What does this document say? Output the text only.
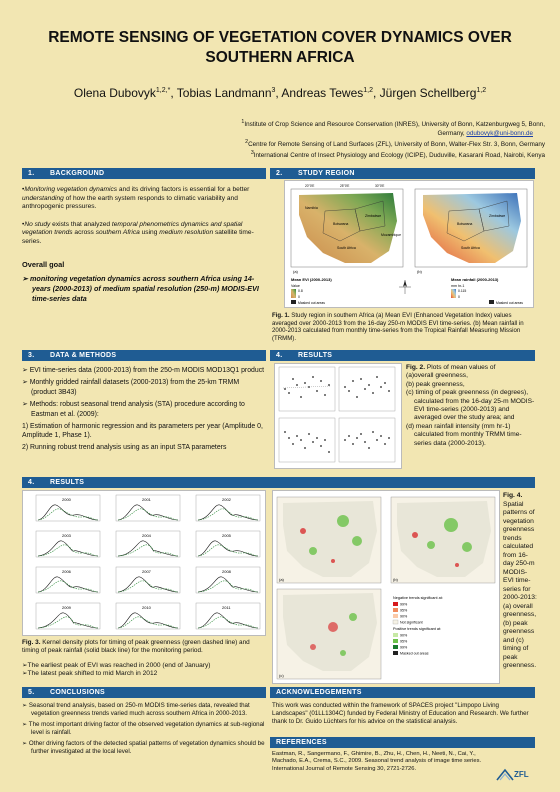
REMOTE SENSING OF VEGETATION COVER DYNAMICS OVER SOUTHERN AFRICA
Olena Dubovyk$^{1,2,*}$, Tobias Landmann$^3$, Andreas Tewes$^{1,2}$, Jürgen Schellberg$^{1,2}$
$^1$Institute of Crop Science and Resource Conservation (INRES), University of Bonn, Katzenburgweg 5, Bonn,
Germany, odubovyk@uni-bonn.de
$^2$Centre for Remote Sensing of Land Surfaces (ZFL), University of Bonn, Walter-Flex Str. 3, Bonn, Germany
$^3$International Centre of Insect Physiology and Ecology (ICIPE), Duduville, Kasarani Road, Nairobi, Kenya
1. BACKGROUND

•Monitoring vegetation dynamics and its driving factors is essential for a better understanding of how the earth system responds to climatic variability and anthropogenic pressures.

•No study exists that analyzed temporal phenometrics dynamics and spatial vegetation trends across southern Africa using medium resolution satellite time-series.

Overall goal

➢ monitoring vegetation dynamics across southern Africa using 14-years (2000-2013) of medium spatial resolution (250-m) MODIS-EVI time-series data
2. STUDY REGION
Botswana
South Africa
Zimbabwe
Mozambique
Namibia
20°0'E	25°0'E	30°0'E
(a)
Mean EVI (2000-2013)
Value
0.8
0
Masked out areas
Botswana
South Africa
Zimbabwe
(b)
Mean rainfall (2000-2013)
mm hr-1
0.115
0
Masked out areas
Fig. 1. Study region in southern Africa (a) Mean EVI (Enhanced Vegetation Index) values averaged over 2000-2013 from the 16-day 250-m MODIS EVI time-series. (b) Mean rainfall in 2000-2013 calculated from monthly time-series from the Tropical Rainfall Measuring Mission (TRMM).
3. DATA & METHODS
➢ EVI time-series data (2000-2013) from the 250-m MODIS MOD13Q1 product
➢ Monthly gridded rainfall datasets (2000-2013) from the 25-km TRMM (product 3B43)
➢ Methods: robust seasonal trend analysis (STA) procedure according to Eastman et al. (2009):

1) Estimation of harmonic regression and its parameters per year (Amplitude 0, Amplitude 1, Phase 1).

2) Running robust trend analysis using as an input STA parameters

4. RESULTS
Fig. 2. Plots of mean values of
(a)overall greenness,
(b) peak greenness,
(c) timing of peak greenness (in degrees), calculated from the 16-day 25-m MODIS-EVI time-series (2000-2013) and averaged over the study area; and
(d) mean rainfall intensity (mm hr-1) calculated from monthly TRMM time-series data (2000-2013).
4. RESULTS
2000	2001	2002
2003	2004	2005
2006	2007	2008
2009	2010	2011
Fig. 3. Kernel density plots for timing of peak greenness (green dashed line) and timing of peak rainfall (solid black line) for the monitoring period.
➢The earliest peak of EVI was reached in 2000 (end of January)
➢The latest peak shifted to mid March in 2012
(a)	(b)
(c)
Negative trends significant at:
99%
95%
90%
Not significant
Positive trends significant at:
90%
95%
99%
Masked out areas
Fig. 4. Spatial patterns of vegetation greenness trends calculated from 16-day 250-m MODIS-EVI time-series for 2000-2013: (a) overall greenness, (b) peak greenness and (c) timing of peak greenness.
5. CONCLUSIONS
➢ Seasonal trend analysis, based on 250-m MODIS time-series data, revealed that vegetation greenness trends varied much across southern Africa in 2000-2013.
➢ The most important driving factor of the observed vegetation dynamics at sub-regional level is rainfall.
➢ Other driving factors of the detected spatial patterns of vegetation dynamics should be further investigated at the local level.
ACKNOWLEDGEMENTS
This work was conducted within the framework of SPACES project "Limpopo Living Landscapes" (01LL1304C) funded by Federal Ministry of Education and Research. We further thank to Dr. Guido Lüchters for his advice on the statistical analysis.
REFERENCES
Eastman, R., Sangermano, F., Ghimire, B., Zhu, H., Chen, H., Neeti, N., Cai, Y., Machado, E.A., Crema, S.C., 2009. Seasonal trend analysis of image time series. International Journal of Remote Sensing 30, 2721-2726.
ZFL
